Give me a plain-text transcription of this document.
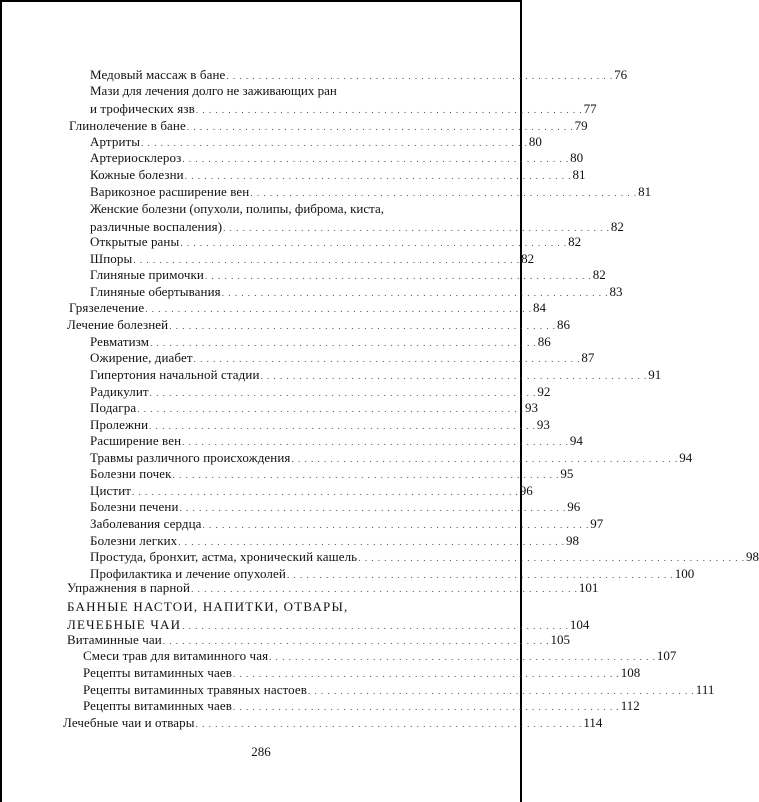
Медовый массаж в бане . . . . . . . . . . . . . . . . . . . . . . . . . . . . . . . . . . . . . . . . . . . . . . . . . . . . . . . . . . . . 76
Мази для лечения долго не заживающих ран
и трофических язв . . . . . . . . . . . . . . . . . . . . . . . . . . . . . . . . . . . . . . . . . . . . . . . . . . . . . . . . . . . . 77
Глинолечение в бане . . . . . . . . . . . . . . . . . . . . . . . . . . . . . . . . . . . . . . . . . . . . . . . . . . . . . . . . . . . . 79
Артриты . . . . . . . . . . . . . . . . . . . . . . . . . . . . . . . . . . . . . . . . . . . . . . . . . . . . . . . . . . . . 80
Артериосклероз . . . . . . . . . . . . . . . . . . . . . . . . . . . . . . . . . . . . . . . . . . . . . . . . . . . . . . . . . . . . 80
Кожные болезни . . . . . . . . . . . . . . . . . . . . . . . . . . . . . . . . . . . . . . . . . . . . . . . . . . . . . . . . . . . . 81
Варикозное расширение вен . . . . . . . . . . . . . . . . . . . . . . . . . . . . . . . . . . . . . . . . . . . . . . . . . . . . . . . . . . . . 81
Женские болезни (опухоли, полипы, фиброма, киста,
различные воспаления) . . . . . . . . . . . . . . . . . . . . . . . . . . . . . . . . . . . . . . . . . . . . . . . . . . . . . . . . . . . . 82
Открытые раны . . . . . . . . . . . . . . . . . . . . . . . . . . . . . . . . . . . . . . . . . . . . . . . . . . . . . . . . . . . . 82
Шпоры . . . . . . . . . . . . . . . . . . . . . . . . . . . . . . . . . . . . . . . . . . . . . . . . . . . . . . . . . . . . 82
Глиняные примочки . . . . . . . . . . . . . . . . . . . . . . . . . . . . . . . . . . . . . . . . . . . . . . . . . . . . . . . . . . . . 82
Глиняные обертывания . . . . . . . . . . . . . . . . . . . . . . . . . . . . . . . . . . . . . . . . . . . . . . . . . . . . . . . . . . . . 83
Грязелечение . . . . . . . . . . . . . . . . . . . . . . . . . . . . . . . . . . . . . . . . . . . . . . . . . . . . . . . . . . . . 84
Лечение болезней . . . . . . . . . . . . . . . . . . . . . . . . . . . . . . . . . . . . . . . . . . . . . . . . . . . . . . . . . . . . 86
Ревматизм . . . . . . . . . . . . . . . . . . . . . . . . . . . . . . . . . . . . . . . . . . . . . . . . . . . . . . . . . . . . 86
Ожирение, диабет . . . . . . . . . . . . . . . . . . . . . . . . . . . . . . . . . . . . . . . . . . . . . . . . . . . . . . . . . . . . 87
Гипертония начальной стадии . . . . . . . . . . . . . . . . . . . . . . . . . . . . . . . . . . . . . . . . . . . . . . . . . . . . . . . . . . . . 91
Радикулит . . . . . . . . . . . . . . . . . . . . . . . . . . . . . . . . . . . . . . . . . . . . . . . . . . . . . . . . . . . . 92
Подагра . . . . . . . . . . . . . . . . . . . . . . . . . . . . . . . . . . . . . . . . . . . . . . . . . . . . . . . . . . . . 93
Пролежни . . . . . . . . . . . . . . . . . . . . . . . . . . . . . . . . . . . . . . . . . . . . . . . . . . . . . . . . . . . . 93
Расширение вен . . . . . . . . . . . . . . . . . . . . . . . . . . . . . . . . . . . . . . . . . . . . . . . . . . . . . . . . . . . . 94
Травмы различного происхождения . . . . . . . . . . . . . . . . . . . . . . . . . . . . . . . . . . . . . . . . . . . . . . . . . . . . . . . . . . . . 94
Болезни почек . . . . . . . . . . . . . . . . . . . . . . . . . . . . . . . . . . . . . . . . . . . . . . . . . . . . . . . . . . . . 95
Цистит . . . . . . . . . . . . . . . . . . . . . . . . . . . . . . . . . . . . . . . . . . . . . . . . . . . . . . . . . . . . 96
Болезни печени . . . . . . . . . . . . . . . . . . . . . . . . . . . . . . . . . . . . . . . . . . . . . . . . . . . . . . . . . . . . 96
Заболевания сердца . . . . . . . . . . . . . . . . . . . . . . . . . . . . . . . . . . . . . . . . . . . . . . . . . . . . . . . . . . . . 97
Болезни легких . . . . . . . . . . . . . . . . . . . . . . . . . . . . . . . . . . . . . . . . . . . . . . . . . . . . . . . . . . . . 98
Простуда, бронхит, астма, хронический кашель . . . . . . . . . . . . . . . . . . . . . . . . . . . . . . . . . . . . . . . . . . . . . . . . . . . . . . . . . . . . 98
Профилактика и лечение опухолей . . . . . . . . . . . . . . . . . . . . . . . . . . . . . . . . . . . . . . . . . . . . . . . . . . . . . . . . . . . . 100
Упражнения в парной . . . . . . . . . . . . . . . . . . . . . . . . . . . . . . . . . . . . . . . . . . . . . . . . . . . . . . . . . . . . 101
БАННЫЕ НАСТОИ, НАПИТКИ, ОТВАРЫ,
ЛЕЧЕБНЫЕ ЧАИ . . . . . . . . . . . . . . . . . . . . . . . . . . . . . . . . . . . . . . . . . . . . . . . . . . . . . . . . . . . . 104
Витаминные чаи . . . . . . . . . . . . . . . . . . . . . . . . . . . . . . . . . . . . . . . . . . . . . . . . . . . . . . . . . . . . 105
Смеси трав для витаминного чая . . . . . . . . . . . . . . . . . . . . . . . . . . . . . . . . . . . . . . . . . . . . . . . . . . . . . . . . . . . . 107
Рецепты витаминных чаев . . . . . . . . . . . . . . . . . . . . . . . . . . . . . . . . . . . . . . . . . . . . . . . . . . . . . . . . . . . . 108
Рецепты витаминных травяных настоев . . . . . . . . . . . . . . . . . . . . . . . . . . . . . . . . . . . . . . . . . . . . . . . . . . . . . . . . . . . . 111
Рецепты витаминных чаев . . . . . . . . . . . . . . . . . . . . . . . . . . . . . . . . . . . . . . . . . . . . . . . . . . . . . . . . . . . . 112
Лечебные чаи и отвары . . . . . . . . . . . . . . . . . . . . . . . . . . . . . . . . . . . . . . . . . . . . . . . . . . . . . . . . . . . . 114
286
